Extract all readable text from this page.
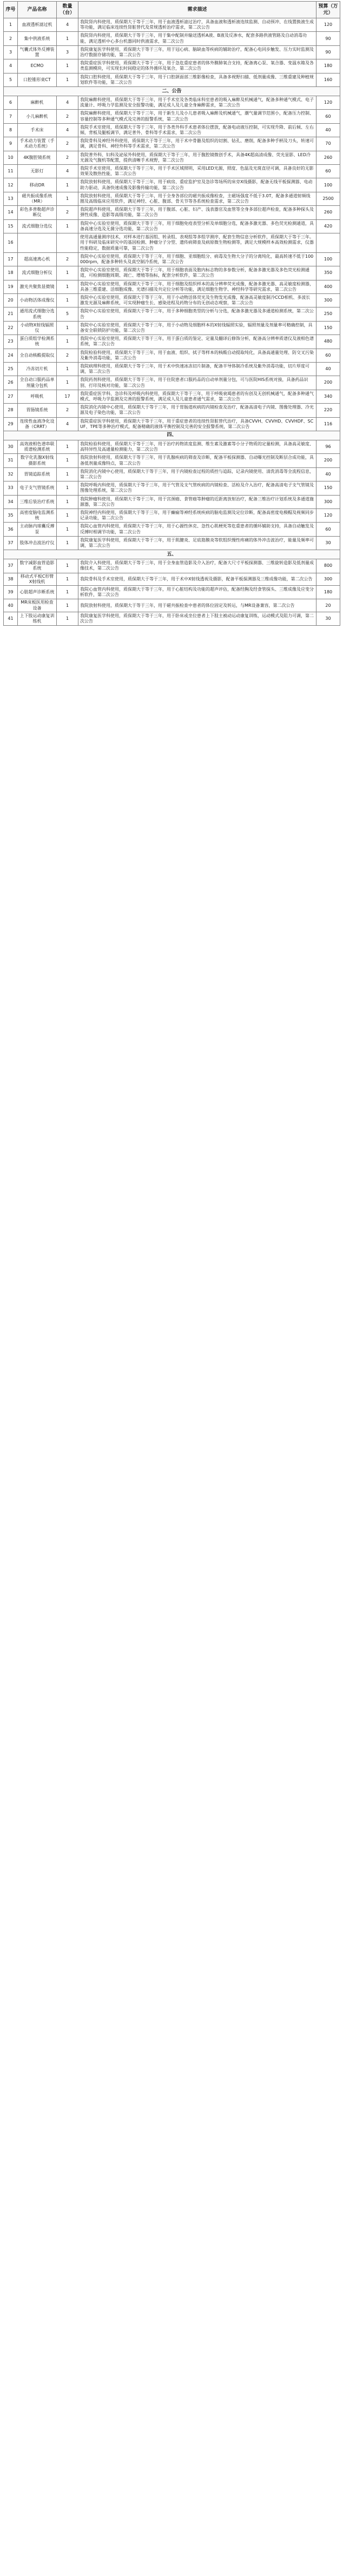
序号	产品名称	数量（台）	需求描述	预算（万元）
1	血液透析滤过机	4	我院肾内科使用，质保期大于等于三年，用于血液透析滤过治疗，具备血液和透析液连续监测、自动预冲、在线置换液生成等功能，满足临床连续性肾脏替代及常规透析治疗需求，第二次公告	120
2	集中供液系统	1	我院肾内科使用，质保期大于等于三年，用于集中配制并输送透析A液、B液及反渗水，配套多路供液管路及自动消毒功能，满足透析中心多台机器同时供液需求，第二次公告	90
3	气囊式体外反搏装置	3	我院康复医学科使用，质保期大于等于三年，用于冠心病、脑缺血等疾病的辅助治疗，配备心电同步触发、压力实时监测及治疗数据存储功能，第二次公告	90
4	ECMO	1	我院重症医学科使用，质保期大于等于三年，用于急危重症患者的体外膜肺氧合支持，配备离心泵、氧合器、变温水箱及各类监测模块，可实现长时间稳定的体外循环及氧合，第二次公告	180
5	口腔锥形束CT	1	我院口腔科使用，质保期大于等于三年，用于口腔颌面部三维影像检查，具备多视野扫描、低剂量成像、三维重建及种植规划软件等功能，第二次公告	160
二、公告				
6	麻醉机	4	我院麻醉科使用，质保期大于等于三年，用于手术室及各类临床科室患者的吸入麻醉及机械通气，配备多种通气模式、电子流量计、呼吸力学监测及安全报警功能，满足成人及儿童全身麻醉需求，第二次公告	120
7	小儿麻醉机	2	我院麻醉科使用，质保期大于等于三年，用于新生儿及小儿患者吸入麻醉及机械通气，潮气量调节范围小，配备压力控制、容量控制等多种通气模式及完善的报警系统，第二次公告	60
8	手术床	4	我院手术室使用，质保期大于等于三年，用于各类外科手术患者体位摆放，配备电动液压控制，可实现升降、前后倾、左右倾、背板及腿板调节，满足普外、骨科等手术需求，第二次公告	40
9	手术动力装置（手术动力系统）	2	我院骨科及神经外科使用，质保期大于等于三年，用于术中骨骼及组织的切割、钻孔、磨削，配备多种手柄及刀头，转速可调，满足骨科、神经外科等手术需求，第二次公告	70
10	4K腹腔镜系统	2	我院普外科、妇科及泌尿外科使用，质保期大于等于三年，用于腹腔镜微创手术，具备4K超高清成像、荧光显影、LED冷光源及气腹机等配置，提供清晰手术视野，第二次公告	260
11	无影灯	4	我院手术室使用，质保期大于等于三年，用于手术区域照明，采用LED光源，照度、色温及光斑直径可调，具备良好的无影效果及散热性能，第二次公告	60
12	移动DR	1	我院放射科使用，质保期大于等于三年，用于病房、重症监护室及急诊等场所的床旁X线摄影，配备无线平板探测器、电动助力驱动，具备快速成像及影像传输功能，第二次公告	100
13	磁共振成像系统（MR）	1	我院放射科使用，质保期大于等于三年，用于全身各部位的磁共振成像检查，主磁场强度不低于3.0T，配备多通道射频线圈及高级临床应用软件，满足神经、心脏、腹部、骨关节等各系统检查需求，第二次公告	2500
14	彩色多普勒超声诊断仪	2	我院超声科使用，质保期大于等于三年，用于腹部、心脏、妇产、浅表器官及血管等全身多部位超声检查，配备多种探头及弹性成像、造影等高级功能，第二次公告	260
15	流式细胞分选仪	1	我院中心实验室使用，质保期大于等于三年，用于细胞免疫表型分析及单细胞分选，配备多激光器、多色荧光检测通道，具备高速分选及无菌分选功能，第二次公告	420
16			使用高通量测序技术，对样本进行基因组、转录组、表观组等多组学测序，配套生物信息分析软件，质保期大于等于三年。用于科研及临床研究中的基因检测、肿瘤分子分型、遗传病筛查及病原微生物检测等，满足大规模样本高效检测需求，仪器性能稳定，数据质量可靠，第二次公告	
17	超高速离心机	2	我院中心实验室使用，质保期大于等于三年，用于细胞、亚细胞组分、病毒及生物大分子的分离纯化，最高转速不低于100000rpm，配备多种转头及真空制冷系统，第二次公告	100
18	流式细胞分析仪	1	我院中心实验室使用，质保期大于等于三年，用于细胞表面及胞内标志物的多参数分析，配备多激光器及多色荧光检测通道，可检测细胞周期、凋亡、增殖等指标，配套分析软件，第二次公告	350
19	激光共聚焦显微镜	1	我院中心实验室使用，质保期大于等于三年，用于细胞及组织样本的高分辨率荧光成像，配备多激光器、高灵敏度检测器，具备三维重建、活细胞成像、光谱扫描及共定位分析等功能，满足细胞生物学、神经科学等研究需求，第二次公告	400
20	小动物活体成像仪	1	我院中心实验室使用，质保期大于等于三年，用于小动物活体荧光及生物发光成像，配备高灵敏度制冷CCD相机、多波长激发光源及麻醉系统，可实现肿瘤生长、感染进程及药物分布的无创动态观察，第二次公告	300
21	通用流式细胞分选系统	5	我院中心实验室使用，质保期大于等于三年，用于多种细胞类型的分析与分选，配备多激光器及多通道检测系统，第二次公告	250
22	小动物X射线辐照仪	1	我院中心实验室使用，质保期大于等于三年，用于小动物及细胞样本的X射线辐照实验，辐照剂量及剂量率可精确控制，具备安全联锁防护功能，第二次公告	150
23	蛋白质组学检测系统	1	我院中心实验室使用，质保期大于等于三年，用于蛋白质的鉴定、定量及翻译后修饰分析，配备高分辨率质谱仪及液相色谱系统，第二次公告	480
24	全自动核酸提取仪	2	我院检验科使用，质保期大于等于三年，用于血液、组织、拭子等样本的核酸自动提取纯化，具备高通量处理、防交叉污染及紫外消毒功能，第二次公告	60
25	冷冻切片机	1	我院病理科使用，质保期大于等于三年，用于术中快速冰冻切片制备，配备半导体制冷系统及紫外消毒功能，切片厚度可调，第二次公告	40
26	全自动口服药品单剂量分包机	1	我院药剂科使用，质保期大于等于三年，用于住院患者口服药品的自动单剂量分包，可与医院HIS系统对接，具备药品识别、打印及核对功能，第二次公告	200
27	呼吸机	17	我院重症医学科、急诊科及呼吸内科使用，质保期大于等于三年，用于呼吸衰竭患者的有创及无创机械通气，配备多种通气模式、呼吸力学监测及完善的报警系统，满足成人及儿童患者通气需求，第二次公告	340
28	胃肠镜系统	2	我院消化内镜中心使用，质保期大于等于三年，用于胃肠道疾病的内镜检查及治疗，配备高清电子内镜、图像处理器、冷光源及电子染色功能，第二次公告	220
29	连续性血液净化设备（CRRT）	4	我院重症医学科使用，质保期大于等于三年，用于重症患者的连续性肾脏替代治疗，具备CVVH、CVVHD、CVVHDF、SCUF、TPE等多种治疗模式，配备精确的液体平衡控制及完善的安全报警系统，第二次公告	116
四、				
30	高效液相色谱串联质谱检测系统	1	我院检验科使用，质保期大于等于三年，用于治疗药物浓度监测、维生素及激素等小分子物质的定量检测，具备高灵敏度、高特异性及高通量检测能力，第二次公告	96
31	数字化乳腺X射线摄影系统	1	我院放射科使用，质保期大于等于三年，用于乳腺疾病的筛查及诊断，配备平板探测器、自动曝光控制及断层合成功能，具备低剂量成像特点，第二次公告	200
32	胃镜追踪系统	1	我院消化内镜中心使用，质保期大于等于三年，用于内镜检查过程的质控与追踪，记录内镜使用、清洗消毒等全流程信息，第二次公告	40
33	电子支气管镜系统	1	我院呼吸内科使用，质保期大于等于三年，用于气管及支气管疾病的内镜检查、活检及介入治疗，配备高清电子支气管镜及图像处理系统，第二次公告	150
34	三维后装治疗系统	1	我院肿瘤科使用，质保期大于等于三年，用于宫颈癌、食管癌等肿瘤的近距离放射治疗，配备三维治疗计划系统及多通道施源器，第二次公告	300
35	高密度脑电监测系统	1	我院神经内科使用，质保期大于等于三年，用于癫痫等神经系统疾病的脑电监测及定位诊断，配备高密度电极帽及视频同步记录功能，第二次公告	120
36	主动脉内球囊反搏泵	1	我院心血管内科使用，质保期大于等于三年，用于心源性休克、急性心肌梗死等危重患者的循环辅助支持，具备自动触发及反搏时相调节功能，第二次公告	60
37	肢体冲击波治疗仪	1	我院康复医学科使用，质保期大于等于三年，用于肌腱炎、足底筋膜炎等软组织慢性疼痛的体外冲击波治疗，能量及频率可调，第二次公告	30
五、				
37	数字减影血管造影系统	1	我院介入科使用，质保期大于等于三年，用于全身血管造影及介入治疗，配备大尺寸平板探测器、三维旋转造影及低剂量成像技术，第二次公告	800
38	移动式平板C形臂X射线机	1	我院骨科及手术室使用，质保期大于等于三年，用于术中X射线透视及摄影，配备平板探测器及三维成像功能，第二次公告	300
39	心脏超声诊断系统	1	我院心血管内科使用，质保期大于等于三年，用于心脏结构及功能的超声评估，配备经胸及经食管探头、三维成像及应变分析软件，第二次公告	180
40	MR床板医用检查设备	1	我院放射科使用，质保期大于等于三年，用于磁共振检查中患者的体位固定及转运，与MR设备兼容，第二次公告	20
41	上下肢运动康复训练机	1	我院康复医学科使用，质保期大于等于三年，用于卧床或坐位患者上下肢主被动运动康复训练，运动模式及阻力可调，第二次公告	30
